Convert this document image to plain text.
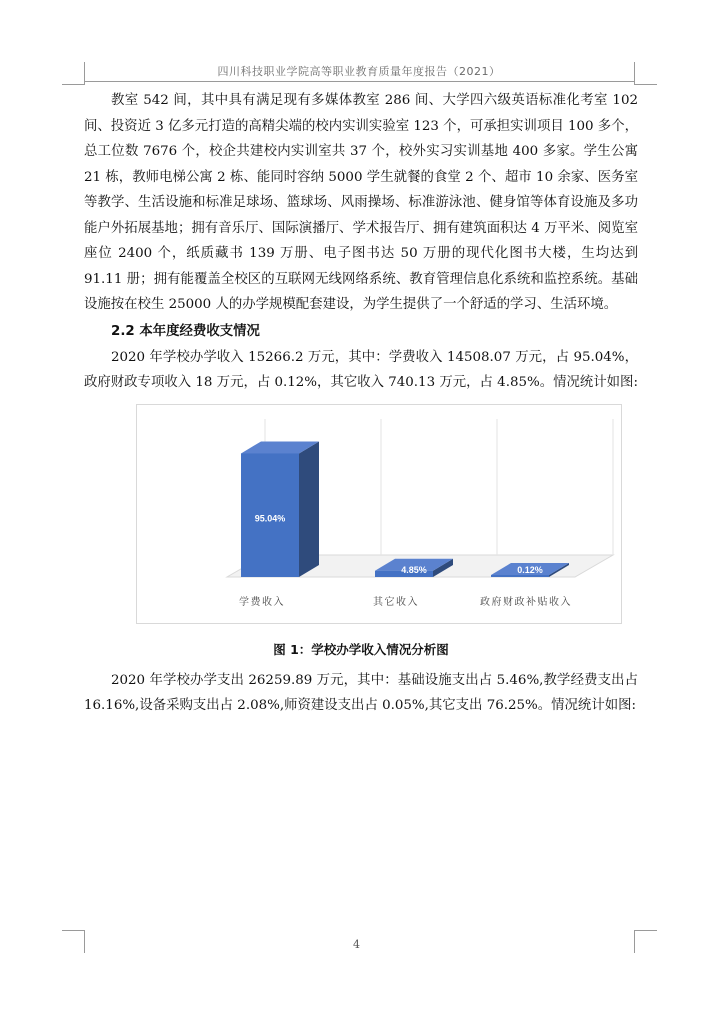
四川科技职业学院高等职业教育质量年度报告（2021）

教室 542 间，其中具有满足现有多媒体教室 286 间、大学四六级英语标准化考室 102 间、投资近 3 亿多元打造的高精尖端的校内实训实验室 123 个，可承担实训项目 100 多个，总工位数 7676 个，校企共建校内实训室共 37 个，校外实习实训基地 400 多家。学生公寓 21 栋，教师电梯公寓 2 栋、能同时容纳 5000 学生就餐的食堂 2 个、超市 10 余家、医务室等教学、生活设施和标准足球场、篮球场、风雨操场、标准游泳池、健身馆等体育设施及多功能户外拓展基地；拥有音乐厅、国际演播厅、学术报告厅、拥有建筑面积达 4 万平米、阅览室座位 2400 个，纸质藏书 139 万册、电子图书达 50 万册的现代化图书大楼，生均达到 91.11 册；拥有能覆盖全校区的互联网无线网络系统、教育管理信息化系统和监控系统。基础设施按在校生 25000 人的办学规模配套建设，为学生提供了一个舒适的学习、生活环境。

2.2 本年度经费收支情况

2020 年学校办学收入 15266.2 万元，其中：学费收入 14508.07 万元，占 95.04%，政府财政专项收入 18 万元，占 0.12%，其它收入 740.13 万元，占 4.85%。情况统计如图:

95.04%
学费收入
4.85%
其它收入
0.12%
政府财政补贴收入
图 1：学校办学收入情况分析图

2020 年学校办学支出 26259.89 万元，其中：基础设施支出占 5.46%,教学经费支出占 16.16%,设备采购支出占 2.08%,师资建设支出占 0.05%,其它支出 76.25%。情况统计如图:

4
